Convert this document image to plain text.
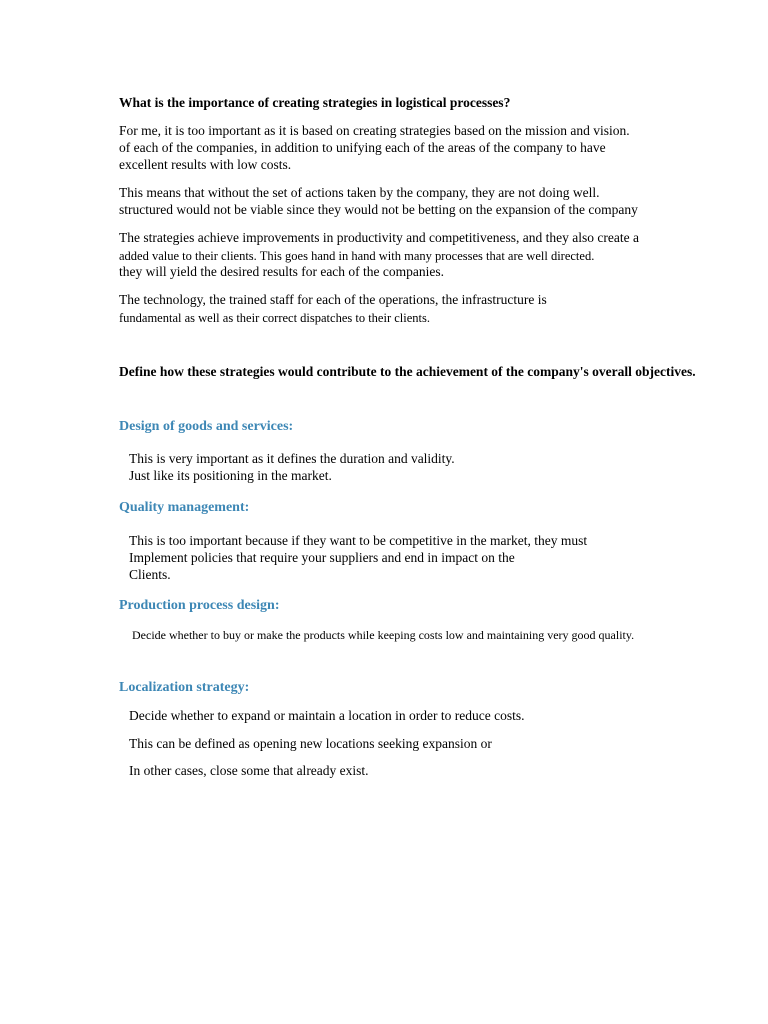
What is the importance of creating strategies in logistical processes?
For me, it is too important as it is based on creating strategies based on the mission and vision.
of each of the companies, in addition to unifying each of the areas of the company to have
excellent results with low costs.
This means that without the set of actions taken by the company, they are not doing well.
structured would not be viable since they would not be betting on the expansion of the company
The strategies achieve improvements in productivity and competitiveness, and they also create a
added value to their clients. This goes hand in hand with many processes that are well directed.
they will yield the desired results for each of the companies.
The technology, the trained staff for each of the operations, the infrastructure is
fundamental as well as their correct dispatches to their clients.
Define how these strategies would contribute to the achievement of the company's overall objectives.
Design of goods and services:
This is very important as it defines the duration and validity.
Just like its positioning in the market.
Quality management:
This is too important because if they want to be competitive in the market, they must
Implement policies that require your suppliers and end in impact on the
Clients.
Production process design:
Decide whether to buy or make the products while keeping costs low and maintaining very good quality.
Localization strategy:
Decide whether to expand or maintain a location in order to reduce costs.
This can be defined as opening new locations seeking expansion or
In other cases, close some that already exist.
